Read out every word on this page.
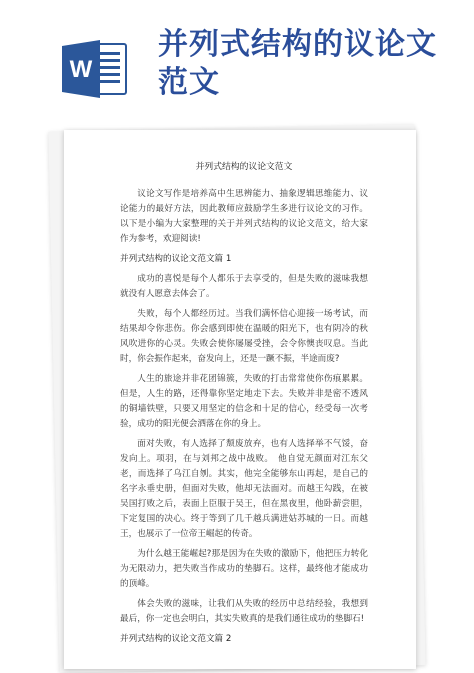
W
并列式结构的议论文范文
并列式结构的议论文范文
议论文写作是培养高中生思辨能力、抽象逻辑思维能力、议论能力的最好方法，因此教师应鼓励学生多进行议论文的习作。以下是小编为大家整理的关于并列式结构的议论文范文，给大家作为参考，欢迎阅读!
并列式结构的议论文范文篇 1
成功的喜悦是每个人都乐于去享受的，但是失败的滋味我想就没有人愿意去体会了。
失败，每个人都经历过。当我们满怀信心迎接一场考试，而结果却令你悲伤。你会感到即使在温暖的阳光下，也有阴冷的秋风吹进你的心灵。失败会使你屡屡受挫，会令你懊丧叹息。当此时，你会振作起来，奋发向上，还是一蹶不振，半途而废?
人生的旅途并非花团锦簇，失败的打击常常使你伤痕累累。但是，人生的路，还得靠你坚定地走下去。失败并非是密不透风的铜墙铁壁，只要又用坚定的信念和十足的信心，经受每一次考验，成功的阳光便会洒落在你的身上。
面对失败，有人选择了颓废放弃，也有人选择举不气馁，奋发向上。项羽，在与刘邦之战中战败。　他自觉无颜面对江东父老，而选择了乌江自刎。其实，他完全能够东山再起，是自己的名字永垂史册，但面对失败，他却无法面对。而越王勾践，在被吴国打败之后，表面上臣服于吴王，但在黑夜里，他卧薪尝胆，下定复国的决心。终于等到了几千越兵满进姑苏城的一日。而越王，也展示了一位帝王崛起的传奇。
为什么越王能崛起?那是因为在失败的激励下，他把压力转化为无限动力，把失败当作成功的垫脚石。这样，最终他才能成功的顶峰。
体会失败的滋味，让我们从失败的经历中总结经验，我想到最后，你一定也会明白，其实失败真的是我们通往成功的垫脚石!
并列式结构的议论文范文篇 2
